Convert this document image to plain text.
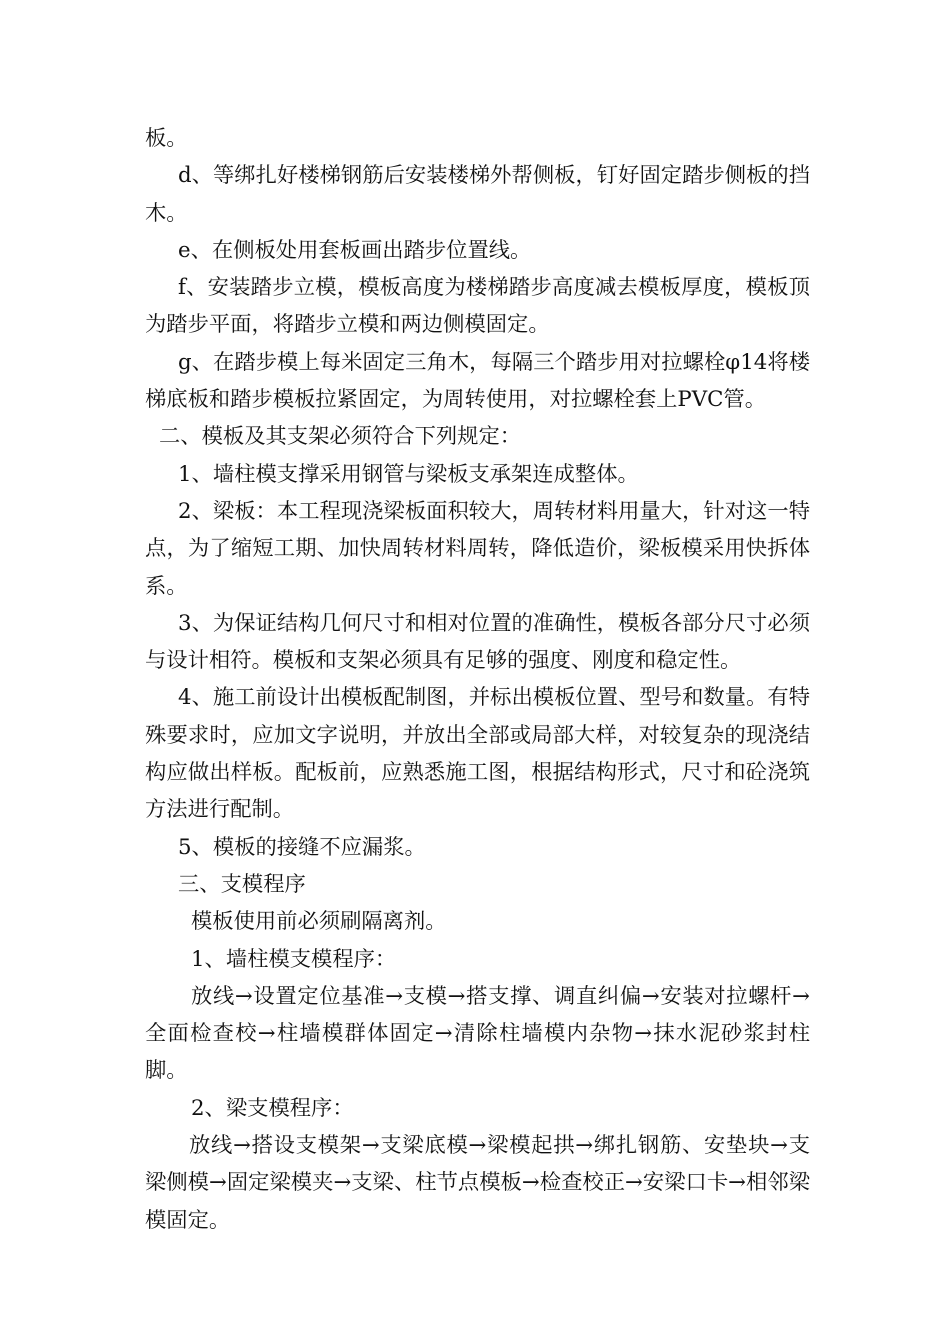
板。

d、等绑扎好楼梯钢筋后安装楼梯外帮侧板，钉好固定踏步侧板的挡木。

e、在侧板处用套板画出踏步位置线。

f、安装踏步立模，模板高度为楼梯踏步高度减去模板厚度，模板顶为踏步平面，将踏步立模和两边侧模固定。

g、在踏步模上每米固定三角木，每隔三个踏步用对拉螺栓φ14将楼梯底板和踏步模板拉紧固定，为周转使用，对拉螺栓套上PVC管。

二、模板及其支架必须符合下列规定：

1、墙柱模支撑采用钢管与梁板支承架连成整体。

2、梁板：本工程现浇梁板面积较大，周转材料用量大，针对这一特点，为了缩短工期、加快周转材料周转，降低造价，梁板模采用快拆体系。

3、为保证结构几何尺寸和相对位置的准确性，模板各部分尺寸必须与设计相符。模板和支架必须具有足够的强度、刚度和稳定性。

4、施工前设计出模板配制图，并标出模板位置、型号和数量。有特殊要求时，应加文字说明，并放出全部或局部大样，对较复杂的现浇结构应做出样板。配板前，应熟悉施工图，根据结构形式，尺寸和砼浇筑方法进行配制。

5、模板的接缝不应漏浆。

三、支模程序

模板使用前必须刷隔离剂。

1、墙柱模支模程序：

放线→设置定位基准→支模→搭支撑、调直纠偏→安装对拉螺杆→全面检查校→柱墙模群体固定→清除柱墙模内杂物→抹水泥砂浆封柱脚。

2、梁支模程序：

放线→搭设支模架→支梁底模→梁模起拱→绑扎钢筋、安垫块→支梁侧模→固定梁模夹→支梁、柱节点模板→检查校正→安梁口卡→相邻梁模固定。
